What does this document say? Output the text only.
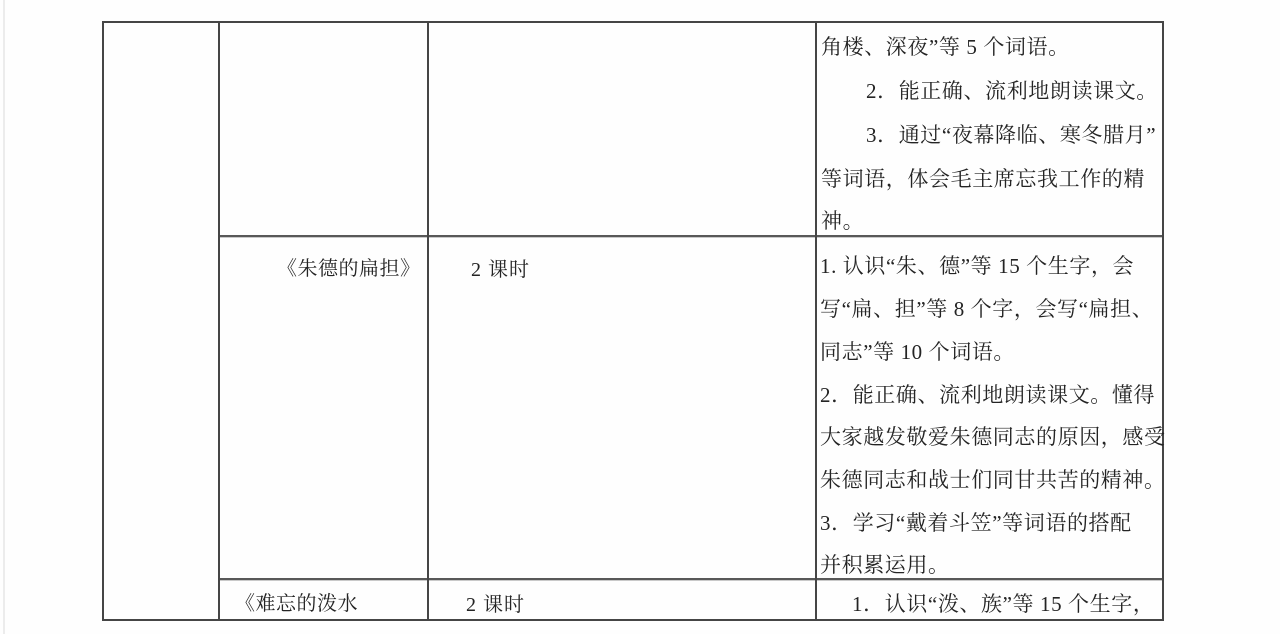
角楼、深夜”等 5 个词语。
2．能正确、流利地朗读课文。
3．通过“夜幕降临、寒冬腊月”
等词语，体会毛主席忘我工作的精
神。
《朱德的扁担》	2 课时	1. 认识“朱、德”等 15 个生字，会
写“扁、担”等 8 个字，会写“扁担、
同志”等 10 个词语。
2．能正确、流利地朗读课文。懂得
大家越发敬爱朱德同志的原因，感受
朱德同志和战士们同甘共苦的精神。
3．学习“戴着斗笠”等词语的搭配
并积累运用。
《难忘的泼水	2 课时	1．认识“泼、族”等 15 个生字，
